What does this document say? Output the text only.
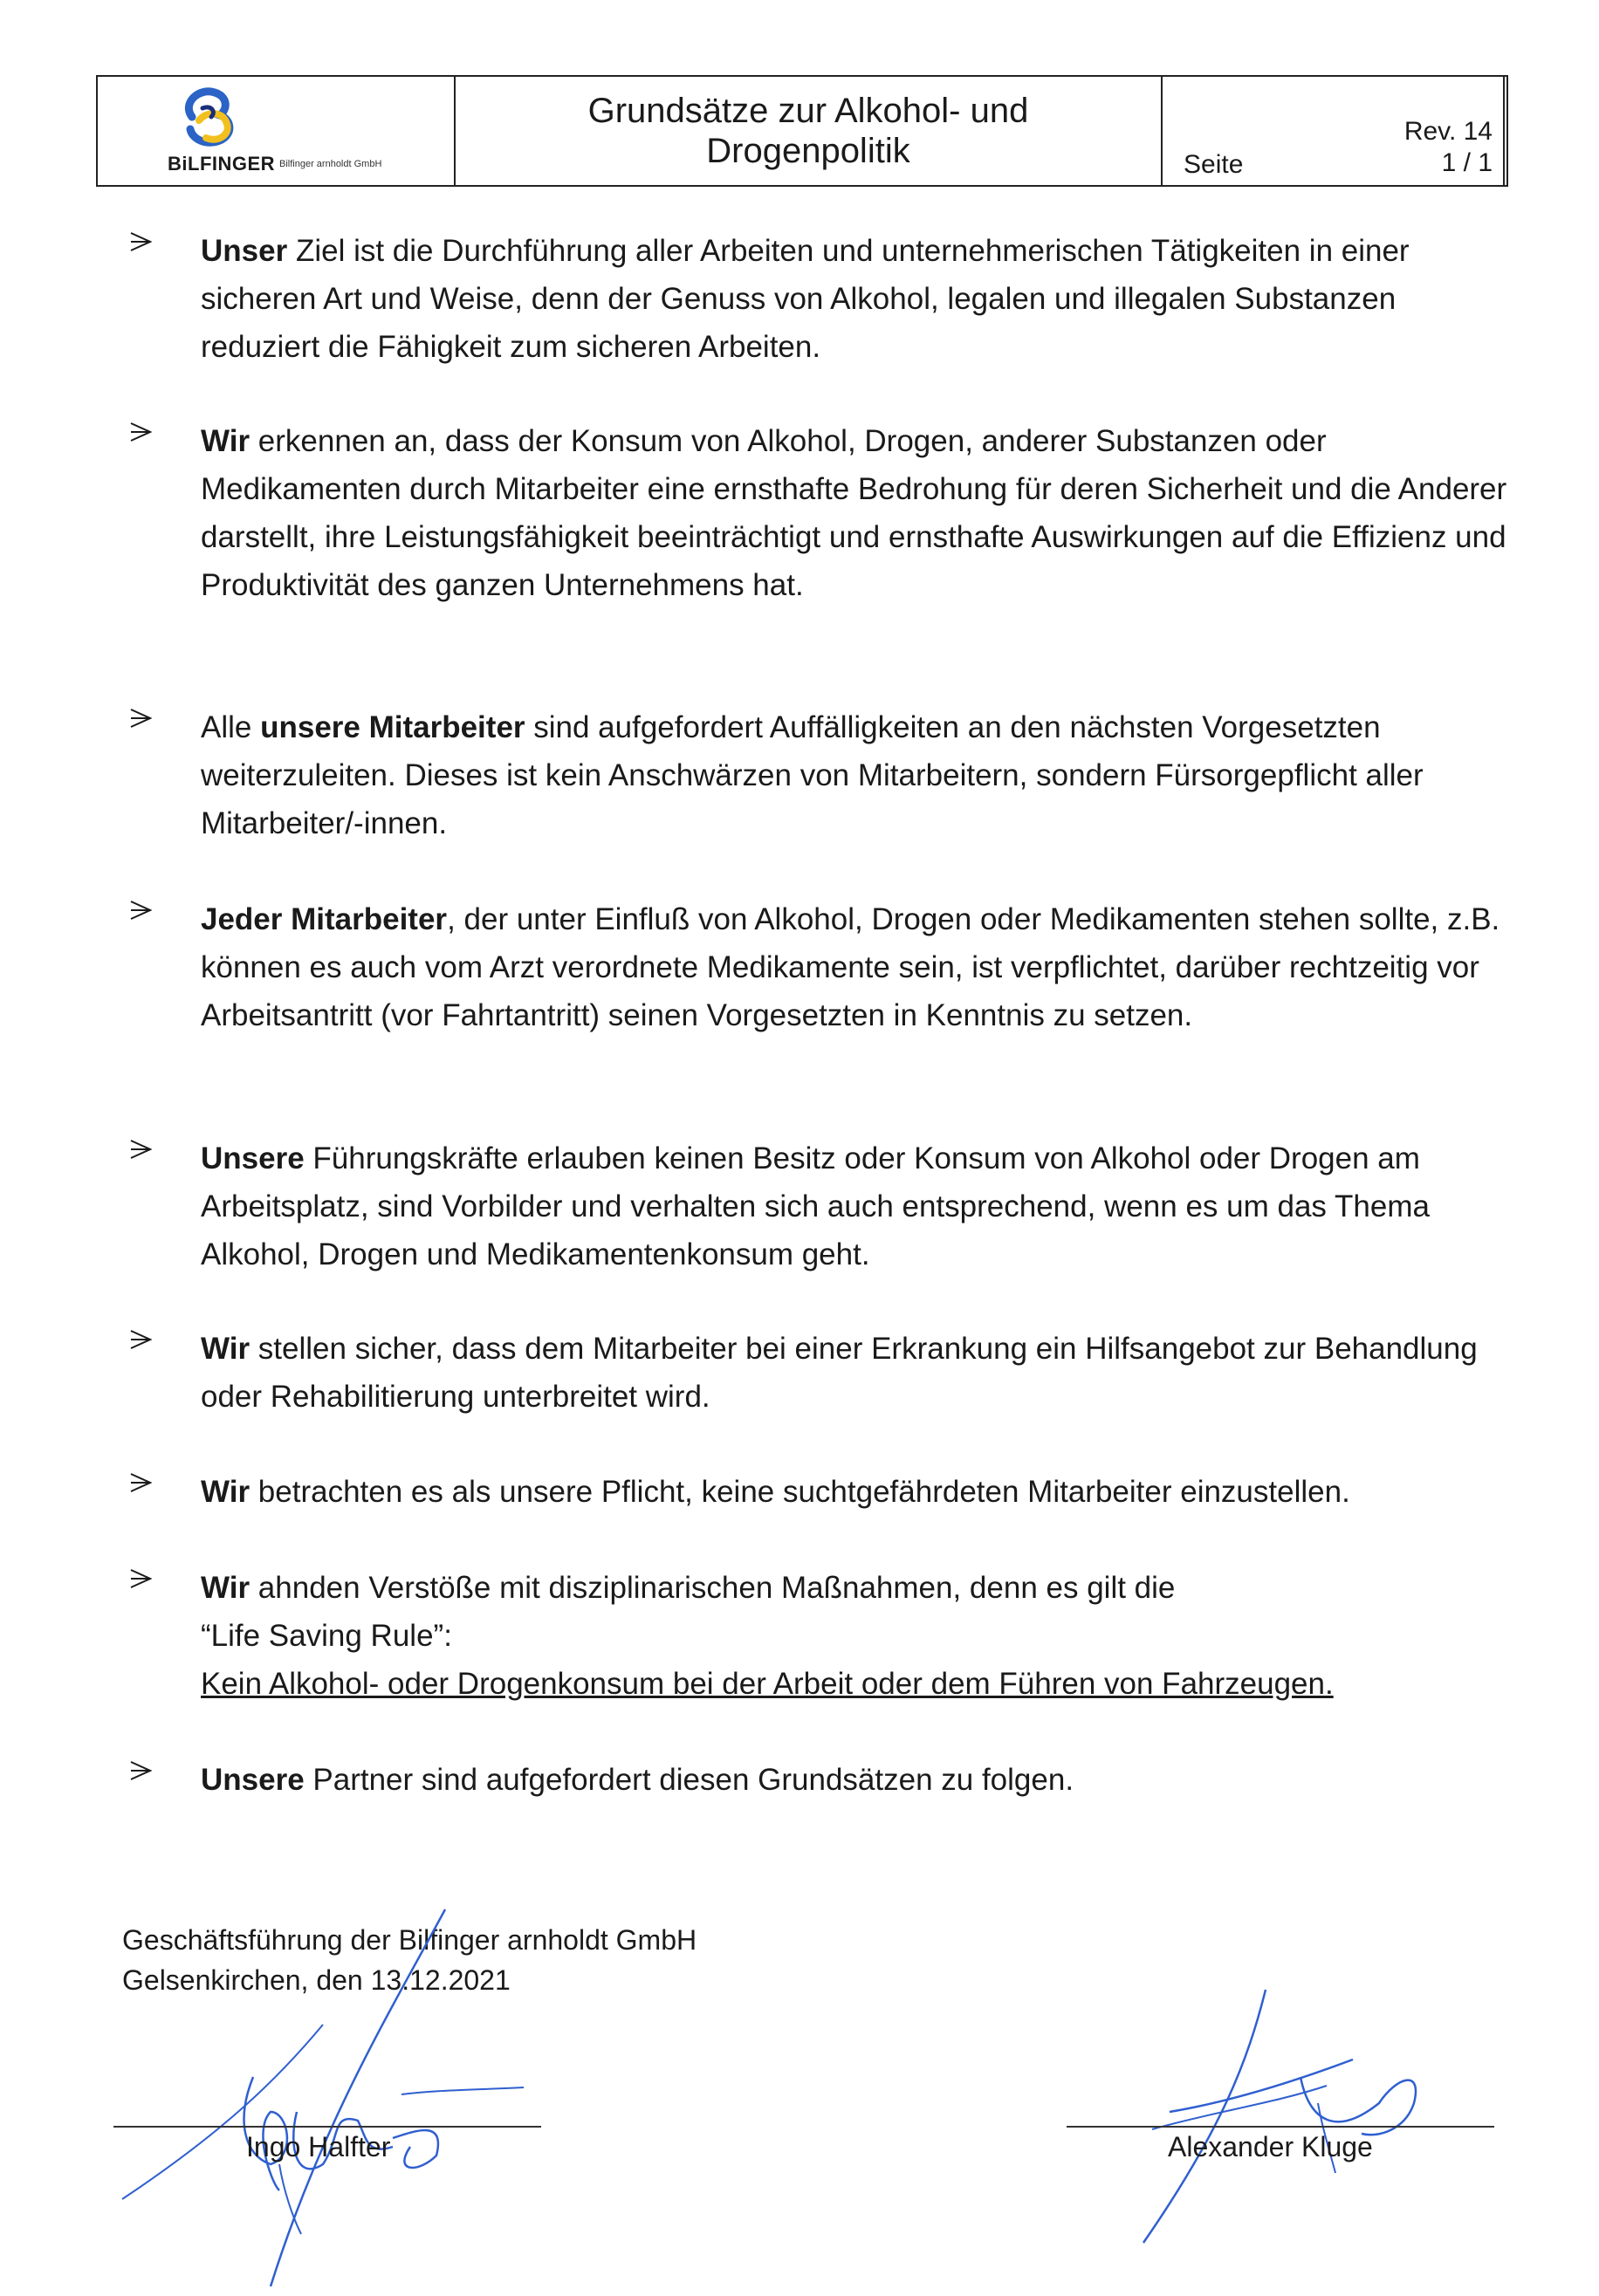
BiLFINGER Bilfinger arnholdt GmbH
Grundsätze zur Alkohol- und
Drogenpolitik	Seite
Rev. 14
1 / 1
Unser Ziel ist die Durchführung aller Arbeiten und unternehmerischen Tätigkeiten in einer sicheren Art und Weise, denn der Genuss von Alkohol, legalen und illegalen Substanzen reduziert die Fähigkeit zum sicheren Arbeiten.
Wir erkennen an, dass der Konsum von Alkohol, Drogen, anderer Substanzen oder Medikamenten durch Mitarbeiter eine ernsthafte Bedrohung für deren Sicherheit und die Anderer darstellt, ihre Leistungsfähigkeit beeinträchtigt und ernsthafte Auswirkungen auf die Effizienz und Produktivität des ganzen Unternehmens hat.
Alle unsere Mitarbeiter sind aufgefordert Auffälligkeiten an den nächsten Vorgesetzten weiterzuleiten. Dieses ist kein Anschwärzen von Mitarbeitern, sondern Fürsorgepflicht aller Mitarbeiter/-innen.
Jeder Mitarbeiter, der unter Einfluß von Alkohol, Drogen oder Medikamenten stehen sollte, z.B. können es auch vom Arzt verordnete Medikamente sein, ist verpflichtet, darüber rechtzeitig vor Arbeitsantritt (vor Fahrtantritt) seinen Vorgesetzten in Kenntnis zu setzen.
Unsere Führungskräfte erlauben keinen Besitz oder Konsum von Alkohol oder Drogen am Arbeitsplatz, sind Vorbilder und verhalten sich auch entsprechend, wenn es um das Thema Alkohol, Drogen und Medikamentenkonsum geht.
Wir stellen sicher, dass dem Mitarbeiter bei einer Erkrankung ein Hilfsangebot zur Behandlung oder Rehabilitierung unterbreitet wird.
Wir betrachten es als unsere Pflicht, keine suchtgefährdeten Mitarbeiter einzustellen.
Wir ahnden Verstöße mit disziplinarischen Maßnahmen, denn es gilt die
“Life Saving Rule”:
Kein Alkohol- oder Drogenkonsum bei der Arbeit oder dem Führen von Fahrzeugen.
Unsere Partner sind aufgefordert diesen Grundsätzen zu folgen.
Geschäftsführung der Bilfinger arnholdt GmbH
Gelsenkirchen, den 13.12.2021
Ingo Halfter	Alexander Kluge
